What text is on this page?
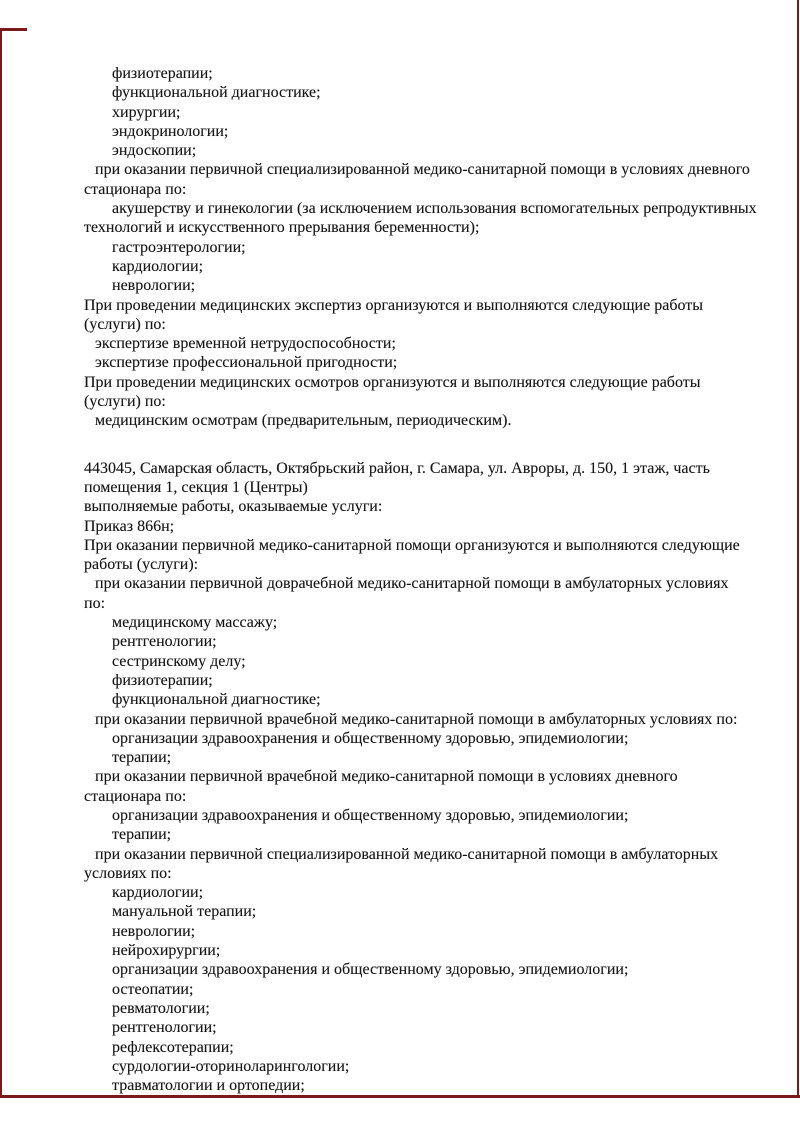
физиотерапии;
функциональной диагностике;
хирургии;
эндокринологии;
эндоскопии;
при оказании первичной специализированной медико-санитарной помощи в условиях дневного
стационара по:
акушерству и гинекологии (за исключением использования вспомогательных репродуктивных
технологий и искусственного прерывания беременности);
гастроэнтерологии;
кардиологии;
неврологии;
При проведении медицинских экспертиз организуются и выполняются следующие работы
(услуги) по:
экспертизе временной нетрудоспособности;
экспертизе профессиональной пригодности;
При проведении медицинских осмотров организуются и выполняются следующие работы
(услуги) по:
медицинским осмотрам (предварительным, периодическим).
443045, Самарская область, Октябрьский район, г. Самара, ул. Авроры, д. 150, 1 этаж, часть
помещения 1, секция 1 (Центры)
выполняемые работы, оказываемые услуги:
Приказ 866н;
При оказании первичной медико-санитарной помощи организуются и выполняются следующие
работы (услуги):
при оказании первичной доврачебной медико-санитарной помощи в амбулаторных условиях
по:
медицинскому массажу;
рентгенологии;
сестринскому делу;
физиотерапии;
функциональной диагностике;
при оказании первичной врачебной медико-санитарной помощи в амбулаторных условиях по:
организации здравоохранения и общественному здоровью, эпидемиологии;
терапии;
при оказании первичной врачебной медико-санитарной помощи в условиях дневного
стационара по:
организации здравоохранения и общественному здоровью, эпидемиологии;
терапии;
при оказании первичной специализированной медико-санитарной помощи в амбулаторных
условиях по:
кардиологии;
мануальной терапии;
неврологии;
нейрохирургии;
организации здравоохранения и общественному здоровью, эпидемиологии;
остеопатии;
ревматологии;
рентгенологии;
рефлексотерапии;
сурдологии-оториноларингологии;
травматологии и ортопедии;
